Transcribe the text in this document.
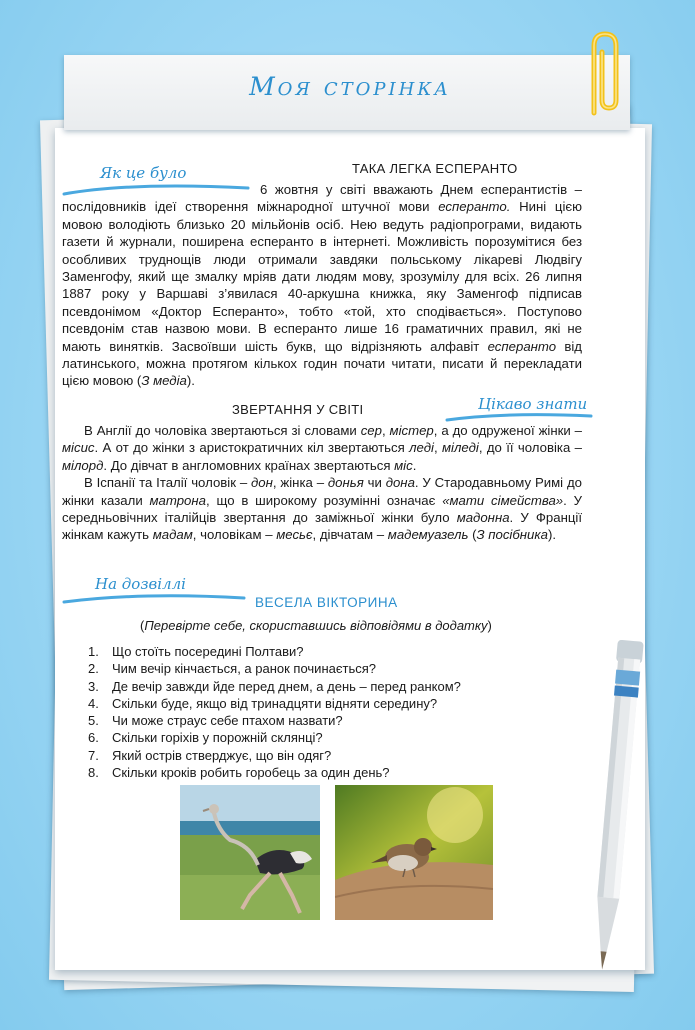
Моя сторінка
Як це було
Цікаво знати
На дозвіллі
ТАКА ЛЕГКА ЕСПЕРАНТО

6 жовтня у світі вважають Днем есперантистів – послідовників ідеї створення міжнародної штучної мови есперанто. Нині цією мовою володіють близько 20 мільйонів осіб. Нею ведуть радіопрограми, видають газети й журнали, поширена есперанто в інтернеті. Можливість порозумітися без особливих труднощів люди отримали завдяки польському лікареві Людвігу Заменгофу, який ще змалку мріяв дати людям мову, зрозумілу для всіх. 26 липня 1887 року у Варшаві з’явилася 40-аркушна книжка, яку Заменгоф підписав псевдонімом «Доктор Есперанто», тобто «той, хто сподівається». Поступово псевдонім став назвою мови. В есперанто лише 16 граматичних правил, які не мають винятків. Засвоївши шість букв, що відрізняють алфавіт есперанто від латинського, можна протягом кількох годин почати читати, писати й перекладати цією мовою (З медіа).

ЗВЕРТАННЯ У СВІТІ

В Англії до чоловіка звертаються зі словами сер, містер, а до одруженої жінки – місис. А от до жінки з аристократичних кіл звертаються леді, міледі, до її чоловіка – мілорд. До дівчат в англомовних країнах звертаються міс.

В Іспанії та Італії чоловік – дон, жінка – донья чи дона. У Стародавньому Римі до жінки казали матрона, що в широкому розумінні означає «мати сімейства». У середньовічних італійців звертання до заміжньої жінки було мадонна. У Франції жінкам кажуть мадам, чоловікам – месьє, дівчатам – мадемуазель (З посібника).

ВЕСЕЛА ВІКТОРИНА
(Перевірте себе, скориставшись відповідями в додатку)
1. Що стоїть посередині Полтави?
2. Чим вечір кінчається, а ранок починається?
3. Де вечір завжди йде перед днем, а день – перед ранком?
4. Скільки буде, якщо від тринадцяти відняти середину?
5. Чи може страус себе птахом назвати?
6. Скільки горіхів у порожній склянці?
7. Який острів стверджує, що він одяг?
8. Скільки кроків робить горобець за один день?
